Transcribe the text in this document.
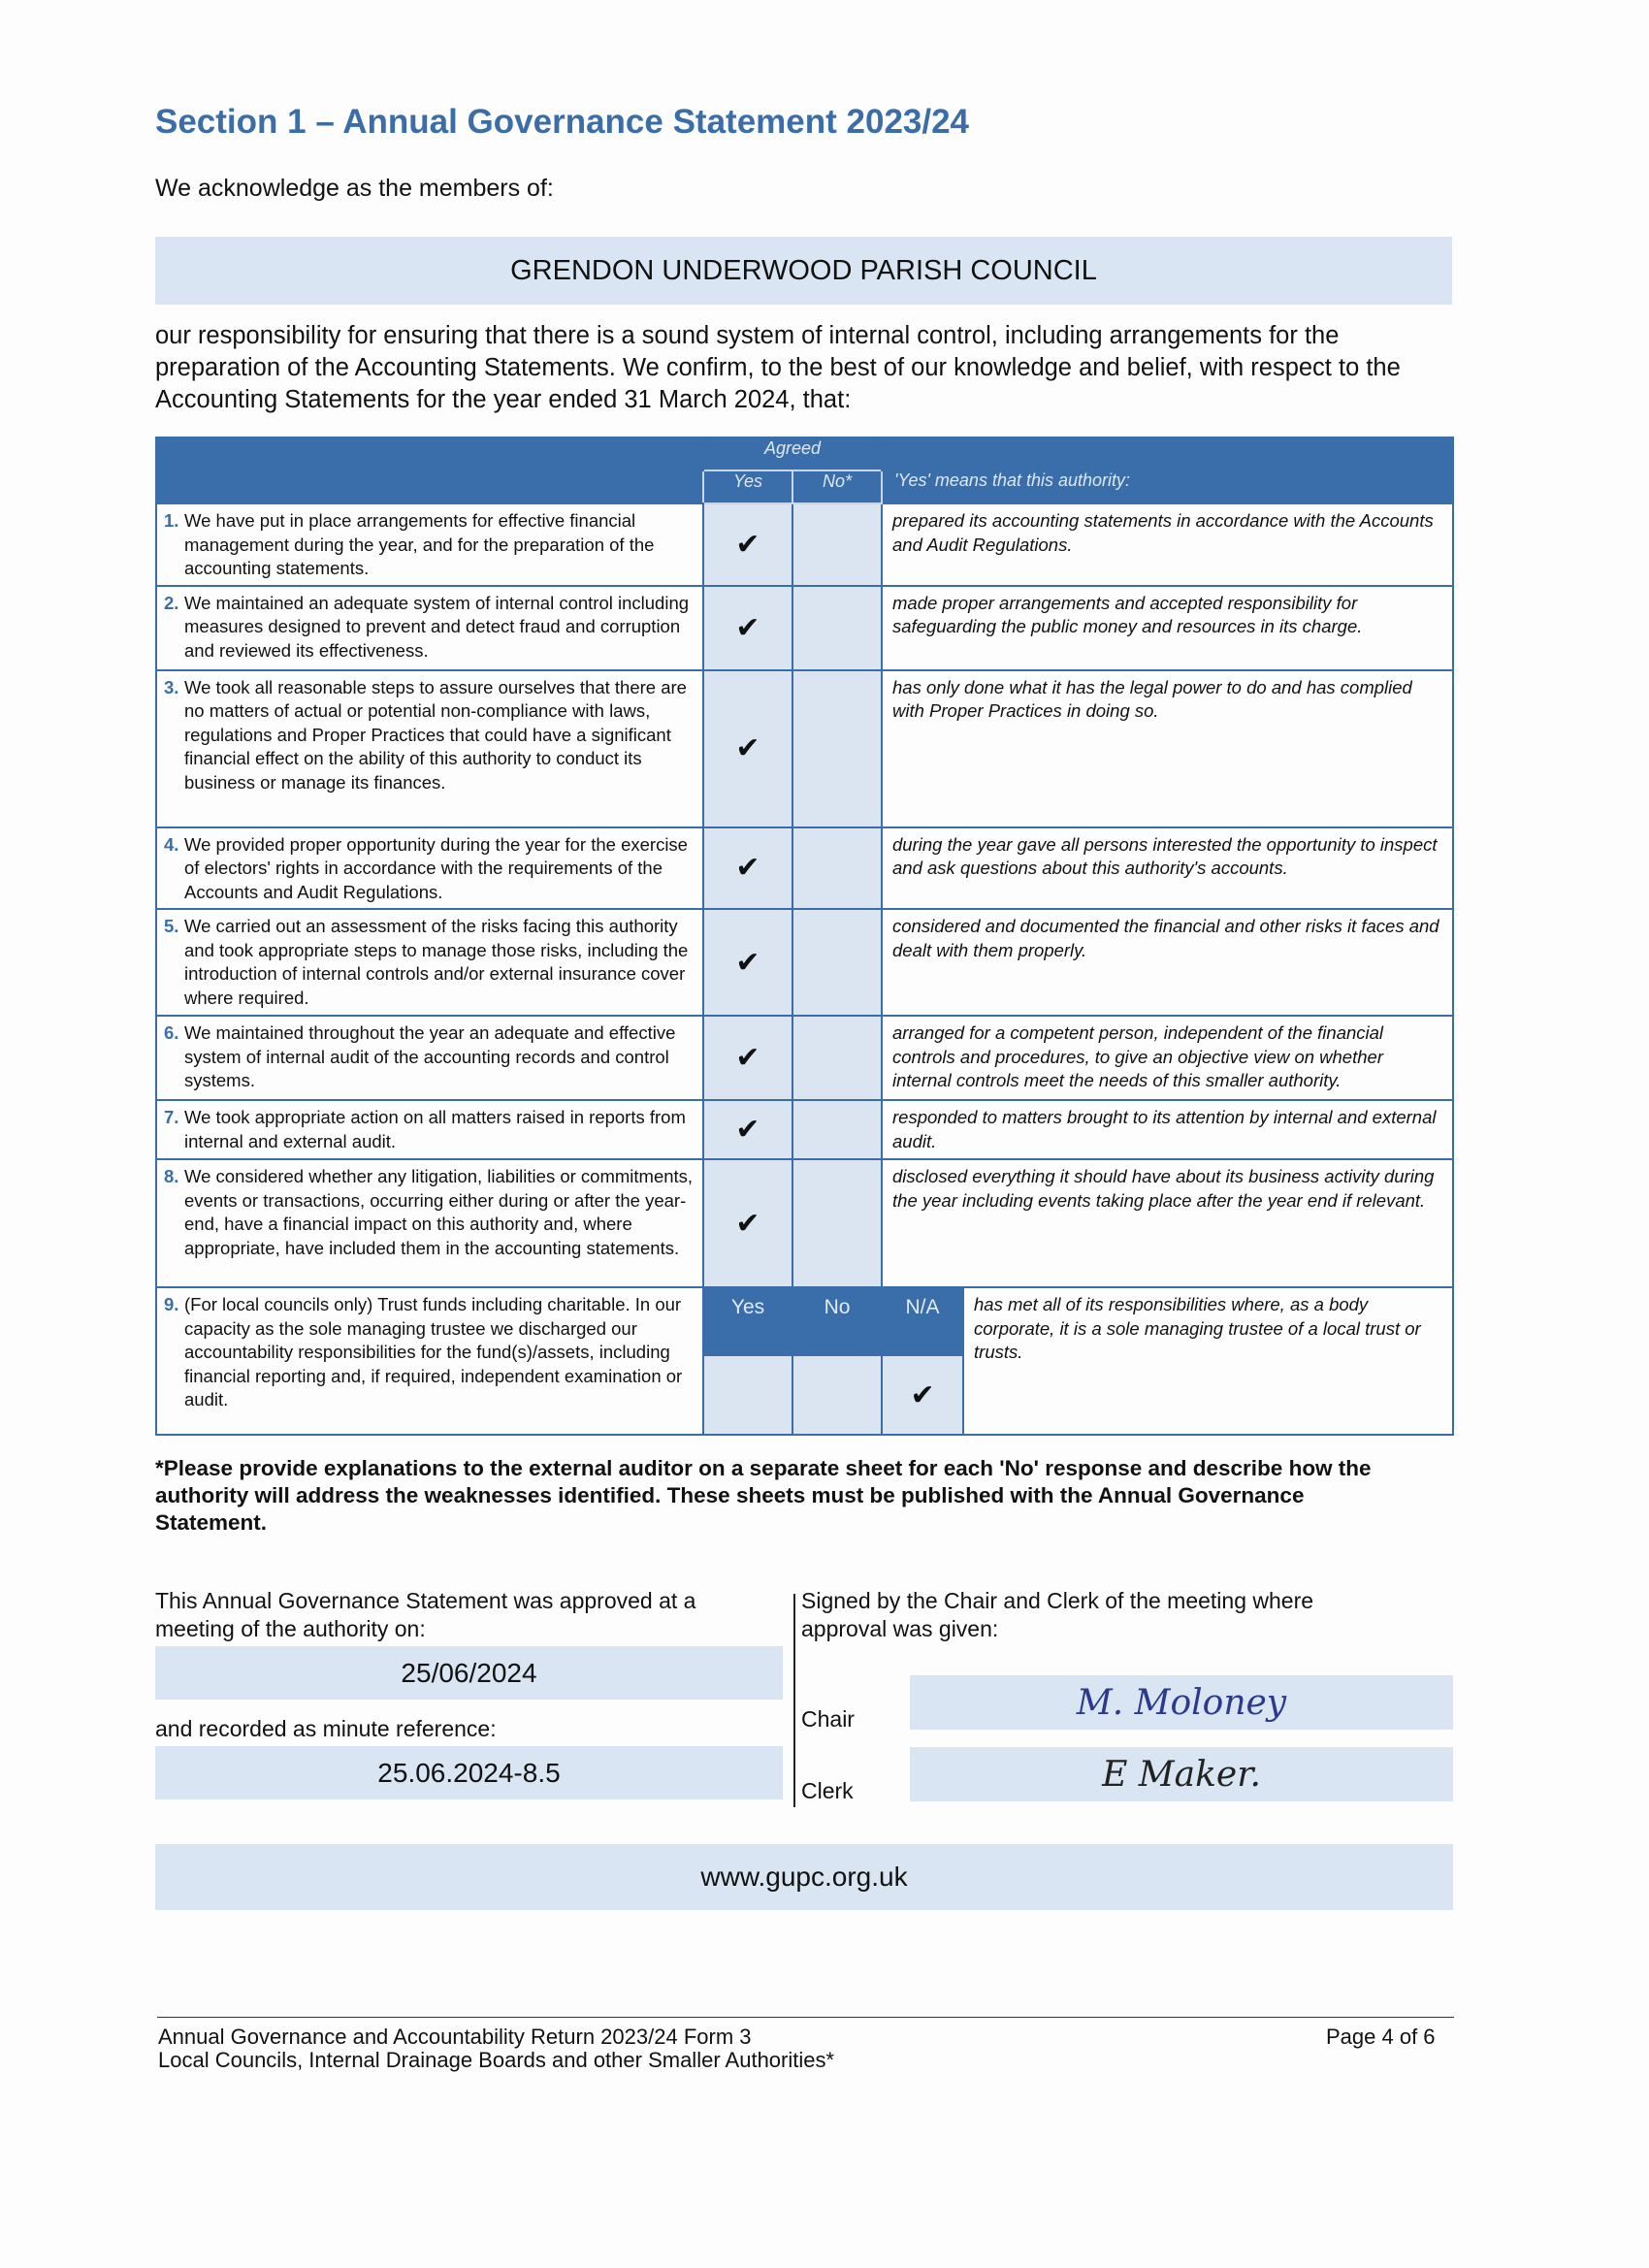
Section 1 – Annual Governance Statement 2023/24
We acknowledge as the members of:
GRENDON UNDERWOOD PARISH COUNCIL
our responsibility for ensuring that there is a sound system of internal control, including arrangements for the preparation of the Accounting Statements. We confirm, to the best of our knowledge and belief, with respect to the Accounting Statements for the year ended 31 March 2024, that:
	Agreed			
	Yes	No*	'Yes' means that this authority:	

1. We have put in place arrangements for effective financial management during the year, and for the preparation of the accounting statements.	✔		prepared its accounting statements in accordance with the Accounts and Audit Regulations.	

2. We maintained an adequate system of internal control including measures designed to prevent and detect fraud and corruption and reviewed its effectiveness.	✔		made proper arrangements and accepted responsibility for safeguarding the public money and resources in its charge.	

3. We took all reasonable steps to assure ourselves that there are no matters of actual or potential non-compliance with laws, regulations and Proper Practices that could have a significant financial effect on the ability of this authority to conduct its business or manage its finances.	✔		has only done what it has the legal power to do and has complied with Proper Practices in doing so.	

4. We provided proper opportunity during the year for the exercise of electors' rights in accordance with the requirements of the Accounts and Audit Regulations.	✔		during the year gave all persons interested the opportunity to inspect and ask questions about this authority's accounts.	

5. We carried out an assessment of the risks facing this authority and took appropriate steps to manage those risks, including the introduction of internal controls and/or external insurance cover where required.	✔		considered and documented the financial and other risks it faces and dealt with them properly.	

6. We maintained throughout the year an adequate and effective system of internal audit of the accounting records and control systems.	✔		arranged for a competent person, independent of the financial controls and procedures, to give an objective view on whether internal controls meet the needs of this smaller authority.	

7. We took appropriate action on all matters raised in reports from internal and external audit.	✔		responded to matters brought to its attention by internal and external audit.	

8. We considered whether any litigation, liabilities or commitments, events or transactions, occurring either during or after the year-end, have a financial impact on this authority and, where appropriate, have included them in the accounting statements.	✔		disclosed everything it should have about its business activity during the year including events taking place after the year end if relevant.	

9. (For local councils only) Trust funds including charitable. In our capacity as the sole managing trustee we discharged our accountability responsibilities for the fund(s)/assets, including financial reporting and, if required, independent examination or audit.	Yes	No	N/A	has met all of its responsibilities where, as a body corporate, it is a sole managing trustee of a local trust or trusts.
			✔	
*Please provide explanations to the external auditor on a separate sheet for each 'No' response and describe how the authority will address the weaknesses identified. These sheets must be published with the Annual Governance Statement.
This Annual Governance Statement was approved at a meeting of the authority on:
25/06/2024
and recorded as minute reference:
25.06.2024-8.5
Signed by the Chair and Clerk of the meeting where approval was given:
Chair	M. Moloney
Clerk	E Maker.
www.gupc.org.uk
Annual Governance and Accountability Return 2023/24 Form 3
Local Councils, Internal Drainage Boards and other Smaller Authorities*
Page 4 of 6
